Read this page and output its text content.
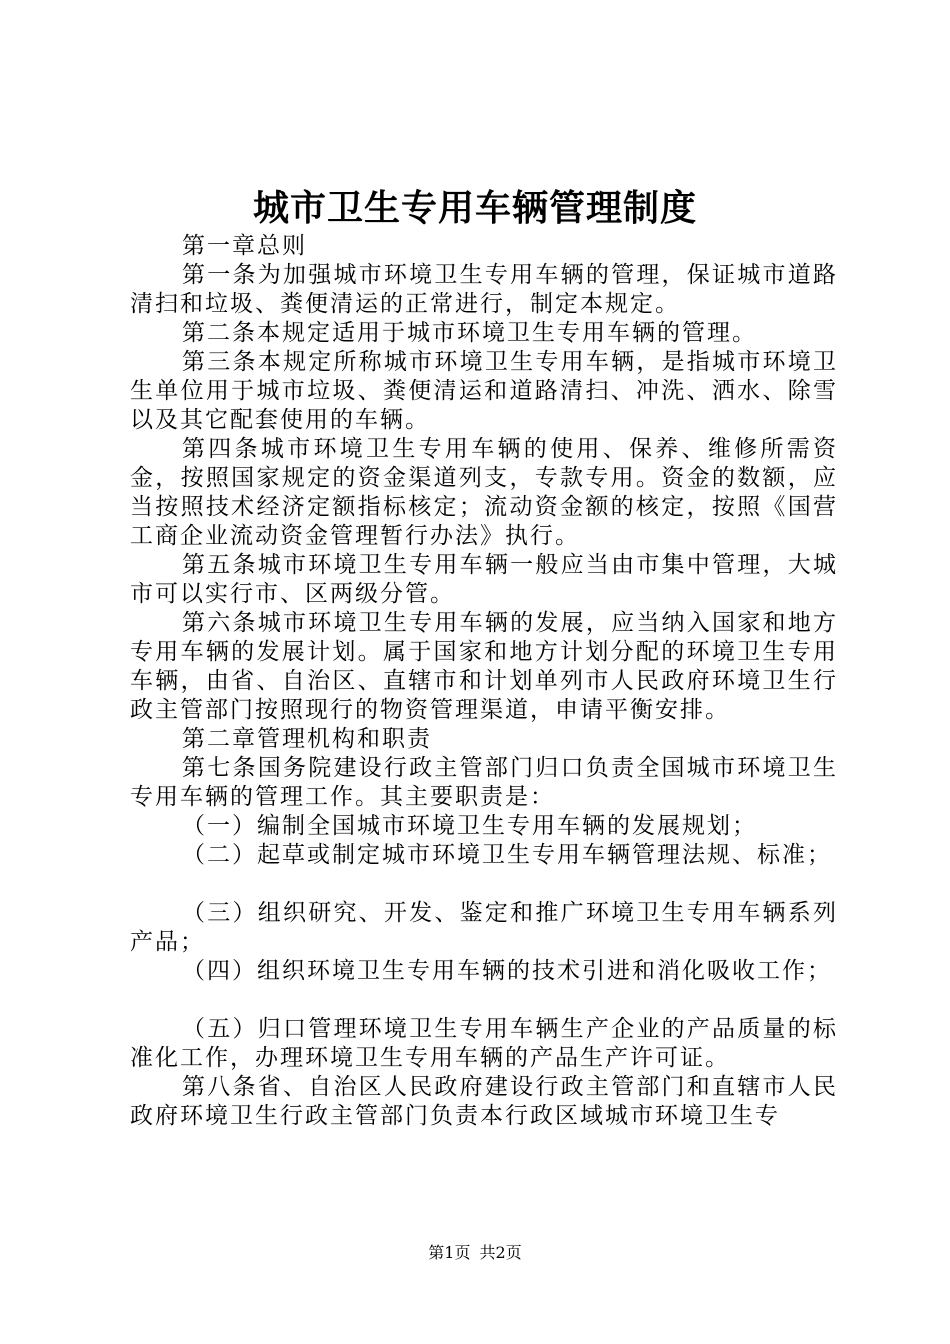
城市卫生专用车辆管理制度

第一章总则

第一条为加强城市环境卫生专用车辆的管理，保证城市道路清扫和垃圾、粪便清运的正常进行，制定本规定。

第二条本规定适用于城市环境卫生专用车辆的管理。

第三条本规定所称城市环境卫生专用车辆，是指城市环境卫生单位用于城市垃圾、粪便清运和道路清扫、冲洗、洒水、除雪以及其它配套使用的车辆。

第四条城市环境卫生专用车辆的使用、保养、维修所需资金，按照国家规定的资金渠道列支，专款专用。资金的数额，应当按照技术经济定额指标核定；流动资金额的核定，按照《国营工商企业流动资金管理暂行办法》执行。

第五条城市环境卫生专用车辆一般应当由市集中管理，大城市可以实行市、区两级分管。

第六条城市环境卫生专用车辆的发展，应当纳入国家和地方专用车辆的发展计划。属于国家和地方计划分配的环境卫生专用车辆，由省、自治区、直辖市和计划单列市人民政府环境卫生行政主管部门按照现行的物资管理渠道，申请平衡安排。

第二章管理机构和职责

第七条国务院建设行政主管部门归口负责全国城市环境卫生专用车辆的管理工作。其主要职责是：

（一）编制全国城市环境卫生专用车辆的发展规划；

（二）起草或制定城市环境卫生专用车辆管理法规、标准；

（三）组织研究、开发、鉴定和推广环境卫生专用车辆系列产品；

（四）组织环境卫生专用车辆的技术引进和消化吸收工作；

（五）归口管理环境卫生专用车辆生产企业的产品质量的标准化工作，办理环境卫生专用车辆的产品生产许可证。

第八条省、自治区人民政府建设行政主管部门和直辖市人民政府环境卫生行政主管部门负责本行政区域城市环境卫生专

第1页 共2页
